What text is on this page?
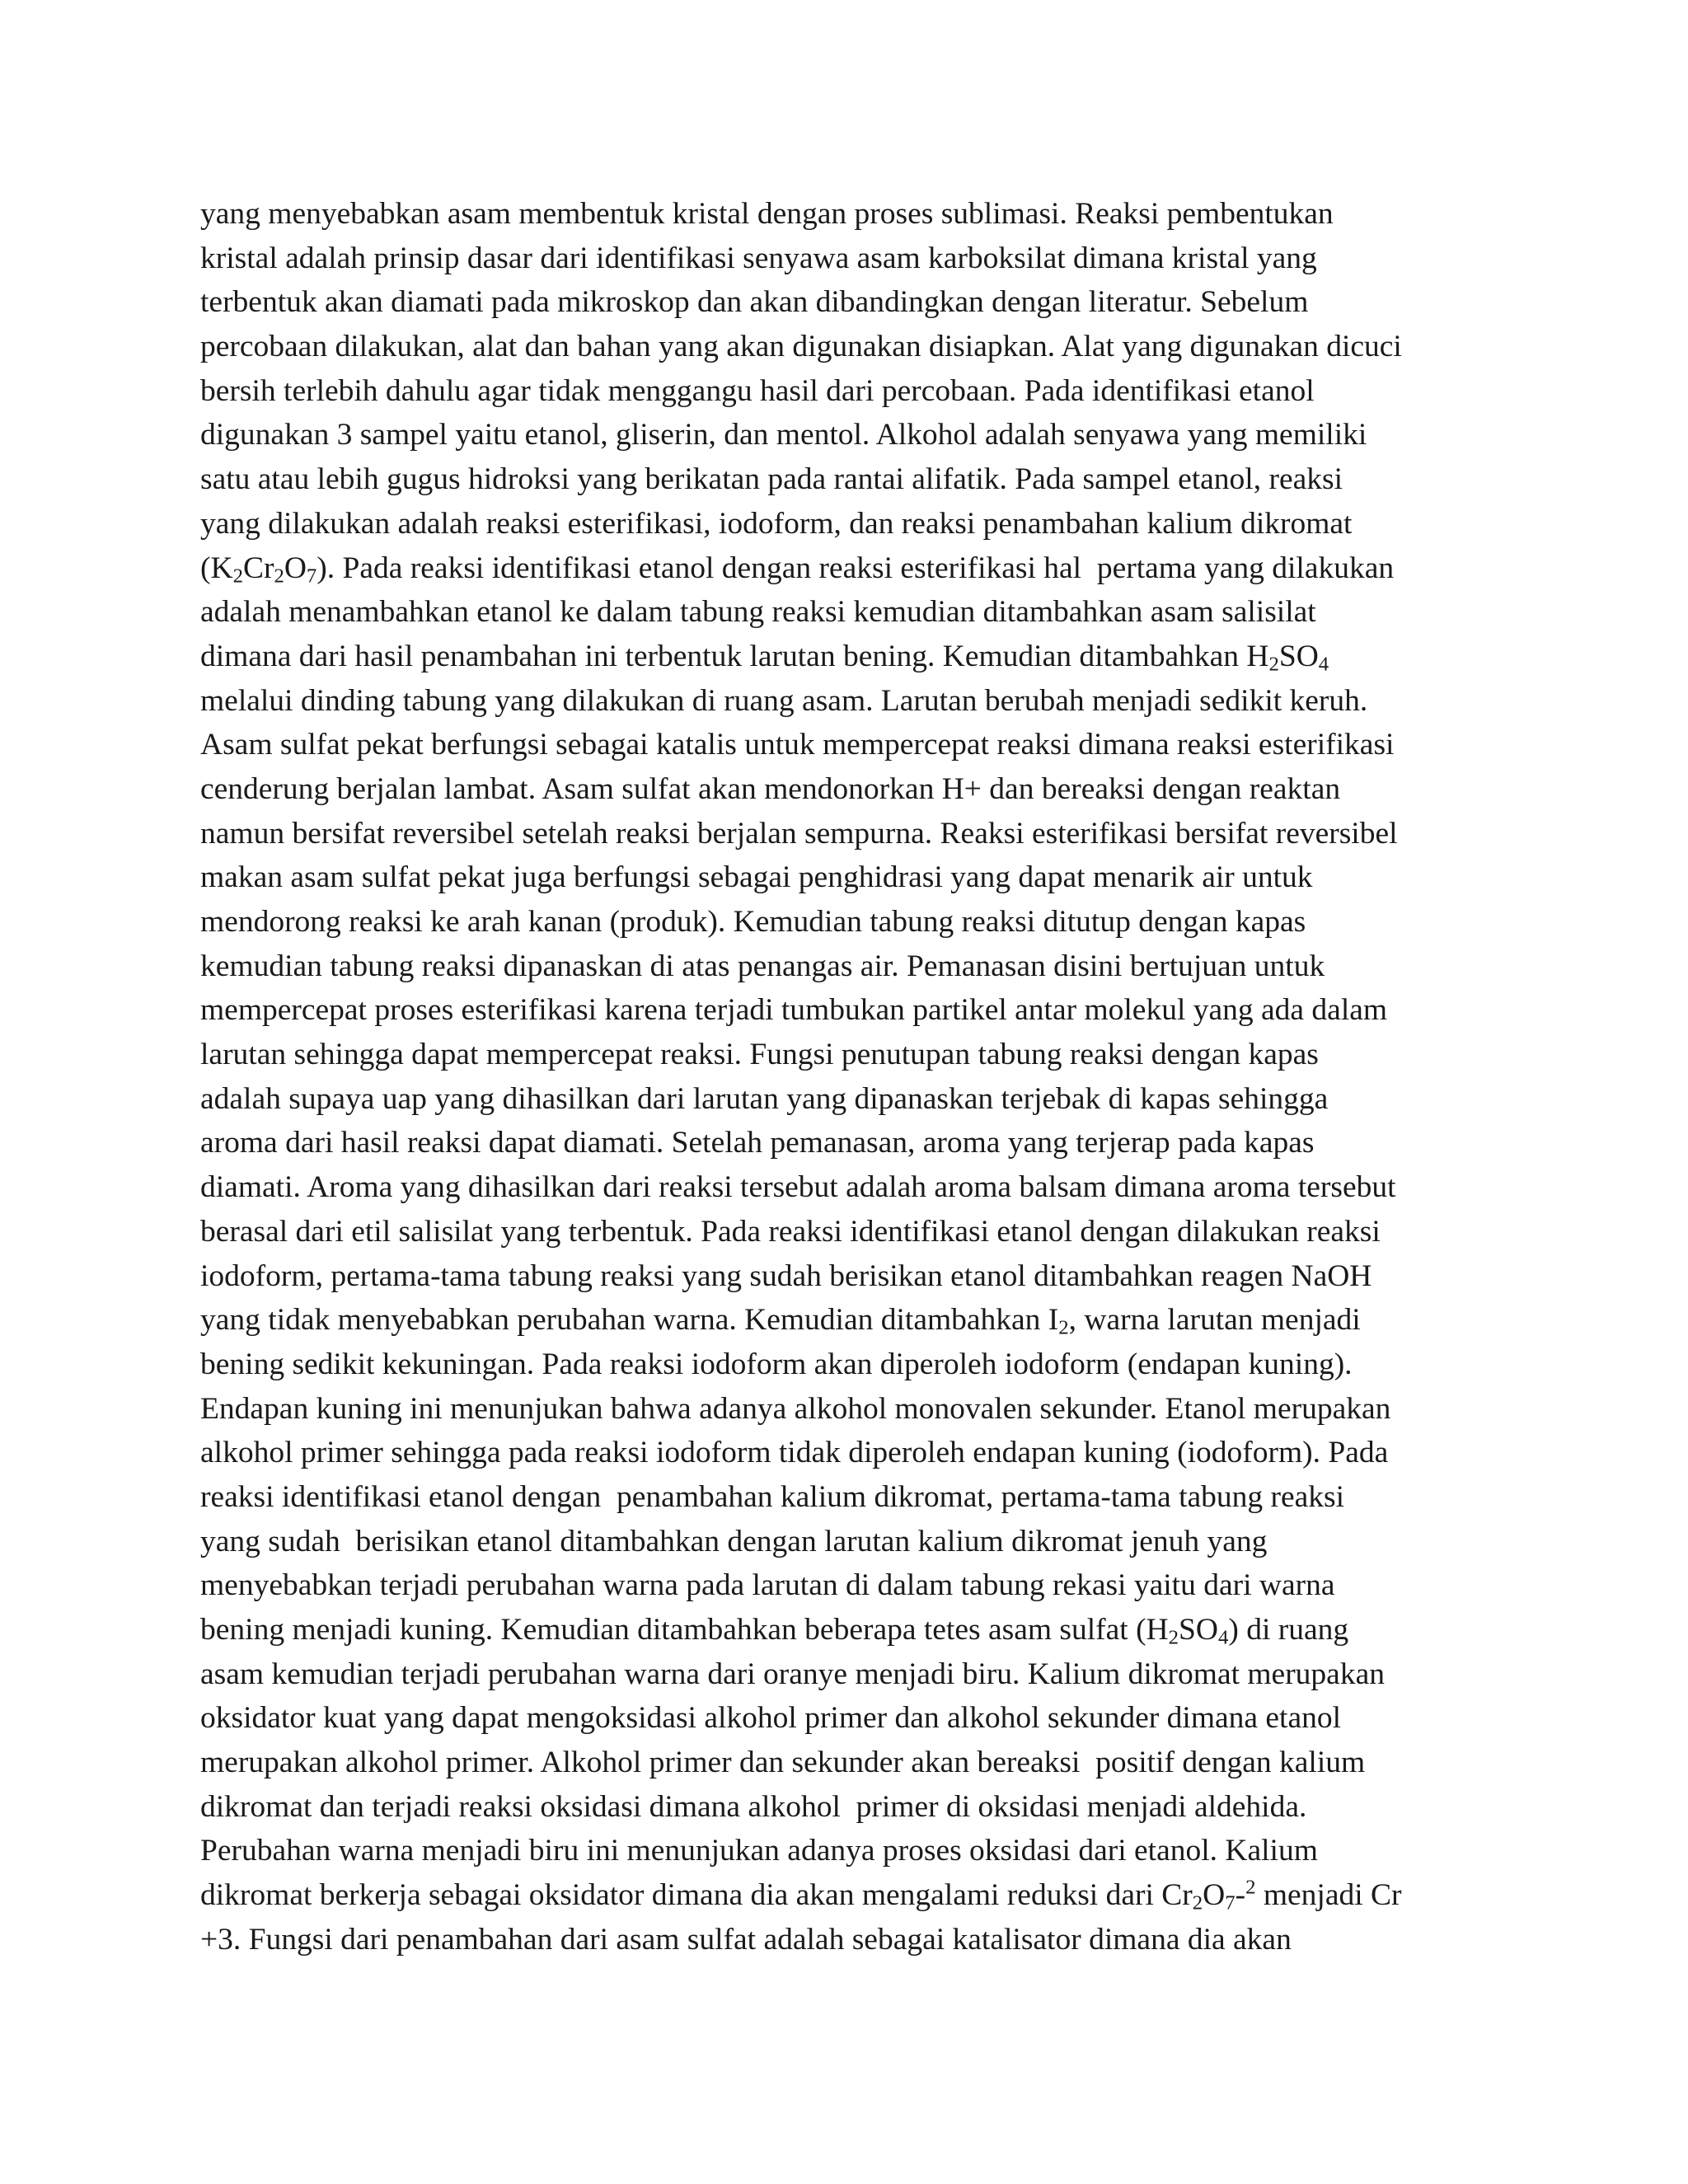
yang menyebabkan asam membentuk kristal dengan proses sublimasi. Reaksi pembentukan
kristal adalah prinsip dasar dari identifikasi senyawa asam karboksilat dimana kristal yang
terbentuk akan diamati pada mikroskop dan akan dibandingkan dengan literatur. Sebelum
percobaan dilakukan, alat dan bahan yang akan digunakan disiapkan. Alat yang digunakan dicuci
bersih terlebih dahulu agar tidak menggangu hasil dari percobaan. Pada identifikasi etanol
digunakan 3 sampel yaitu etanol, gliserin, dan mentol. Alkohol adalah senyawa yang memiliki
satu atau lebih gugus hidroksi yang berikatan pada rantai alifatik. Pada sampel etanol, reaksi
yang dilakukan adalah reaksi esterifikasi, iodoform, dan reaksi penambahan kalium dikromat
$(K_2Cr_2O_7)$. Pada reaksi identifikasi etanol dengan reaksi esterifikasi hal  pertama yang dilakukan
adalah menambahkan etanol ke dalam tabung reaksi kemudian ditambahkan asam salisilat
dimana dari hasil penambahan ini terbentuk larutan bening. Kemudian ditambahkan $H_2SO_4$
melalui dinding tabung yang dilakukan di ruang asam. Larutan berubah menjadi sedikit keruh.
Asam sulfat pekat berfungsi sebagai katalis untuk mempercepat reaksi dimana reaksi esterifikasi
cenderung berjalan lambat. Asam sulfat akan mendonorkan H+ dan bereaksi dengan reaktan
namun bersifat reversibel setelah reaksi berjalan sempurna. Reaksi esterifikasi bersifat reversibel
makan asam sulfat pekat juga berfungsi sebagai penghidrasi yang dapat menarik air untuk
mendorong reaksi ke arah kanan (produk). Kemudian tabung reaksi ditutup dengan kapas
kemudian tabung reaksi dipanaskan di atas penangas air. Pemanasan disini bertujuan untuk
mempercepat proses esterifikasi karena terjadi tumbukan partikel antar molekul yang ada dalam
larutan sehingga dapat mempercepat reaksi. Fungsi penutupan tabung reaksi dengan kapas
adalah supaya uap yang dihasilkan dari larutan yang dipanaskan terjebak di kapas sehingga
aroma dari hasil reaksi dapat diamati. Setelah pemanasan, aroma yang terjerap pada kapas
diamati. Aroma yang dihasilkan dari reaksi tersebut adalah aroma balsam dimana aroma tersebut
berasal dari etil salisilat yang terbentuk. Pada reaksi identifikasi etanol dengan dilakukan reaksi
iodoform, pertama-tama tabung reaksi yang sudah berisikan etanol ditambahkan reagen NaOH
yang tidak menyebabkan perubahan warna. Kemudian ditambahkan $I_2$, warna larutan menjadi
bening sedikit kekuningan. Pada reaksi iodoform akan diperoleh iodoform (endapan kuning).
Endapan kuning ini menunjukan bahwa adanya alkohol monovalen sekunder. Etanol merupakan
alkohol primer sehingga pada reaksi iodoform tidak diperoleh endapan kuning (iodoform). Pada
reaksi identifikasi etanol dengan  penambahan kalium dikromat, pertama-tama tabung reaksi
yang sudah  berisikan etanol ditambahkan dengan larutan kalium dikromat jenuh yang
menyebabkan terjadi perubahan warna pada larutan di dalam tabung rekasi yaitu dari warna
bening menjadi kuning. Kemudian ditambahkan beberapa tetes asam sulfat $(H_2SO_4)$ di ruang
asam kemudian terjadi perubahan warna dari oranye menjadi biru. Kalium dikromat merupakan
oksidator kuat yang dapat mengoksidasi alkohol primer dan alkohol sekunder dimana etanol
merupakan alkohol primer. Alkohol primer dan sekunder akan bereaksi  positif dengan kalium
dikromat dan terjadi reaksi oksidasi dimana alkohol  primer di oksidasi menjadi aldehida.
Perubahan warna menjadi biru ini menunjukan adanya proses oksidasi dari etanol. Kalium
dikromat berkerja sebagai oksidator dimana dia akan mengalami reduksi dari $Cr_2O_7-^2$ menjadi Cr
+3. Fungsi dari penambahan dari asam sulfat adalah sebagai katalisator dimana dia akan
